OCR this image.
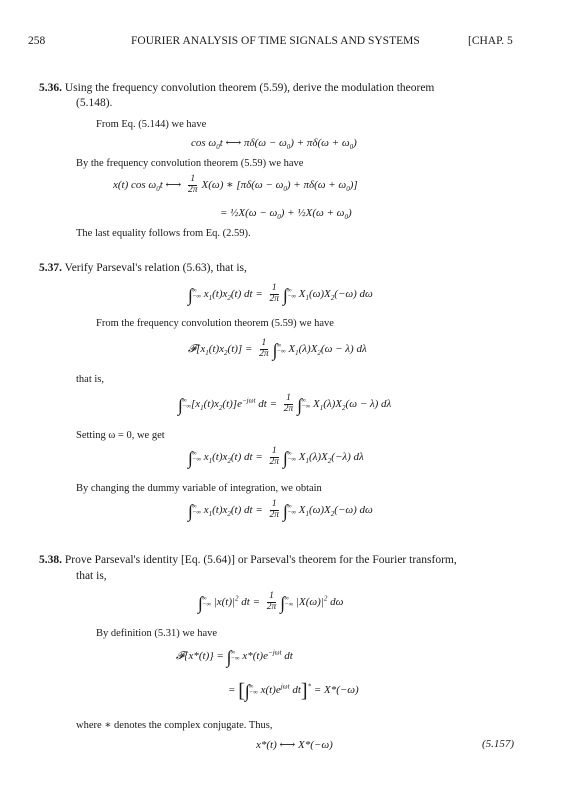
258	FOURIER ANALYSIS OF TIME SIGNALS AND SYSTEMS	[CHAP. 5
5.36. Using the frequency convolution theorem (5.59), derive the modulation theorem
(5.148).
From Eq. (5.144) we have
$\cos \omega_0t$ ⟷ $\pi\delta(\omega - \omega_0) + \pi\delta(\omega + \omega_0)$
By the frequency convolution theorem (5.59) we have
x(t) $\cos \omega_0t$ ⟷ $\frac{1}{2\pi} X(\omega)$ ∗ $[\pi\delta(\omega - \omega_0) + \pi\delta(\omega + \omega_0)]$
= ½X(ω − $\omega_0$) + ½X(ω + $\omega_0$)
The last equality follows from Eq. (2.59).
5.37. Verify Parseval's relation (5.63), that is,
∫ ∞
−∞ $x_1(t)x_2(t)$ dt = $\frac{1}{2\pi}$ ∫ ∞
−∞ $X_1(\omega)X_2(-\omega)$ dω
From the frequency convolution theorem (5.59) we have
$𝓕[x_1(t)x_2(t)] = \frac{1}{2\pi}$ ∫ ∞
−∞ $X_1(\lambda)X_2(\omega - \lambda)$ dλ
that is,
∫ ∞
−∞ $[x_1(t)x_2(t)]e^{-j\omega t}$ dt = $\frac{1}{2\pi}$ ∫ ∞
−∞ $X_1(\lambda)X_2(\omega - \lambda)$ dλ
Setting ω = 0, we get
∫ ∞
−∞ $x_1(t)x_2(t)$ dt = $\frac{1}{2\pi}$ ∫ ∞
−∞ $X_1(\lambda)X_2(-\lambda)$ dλ
By changing the dummy variable of integration, we obtain
∫ ∞
−∞ $x_1(t)x_2(t)$ dt = $\frac{1}{2\pi}$ ∫ ∞
−∞ $X_1(\omega)X_2(-\omega)$ dω
5.38. Prove Parseval's identity [Eq. (5.64)] or Parseval's theorem for the Fourier transform,
that is,
∫ ∞
−∞ $|x(t)|^2$ dt = $\frac{1}{2\pi}$ ∫ ∞
−∞ $|X(\omega)|^2$ dω
By definition (5.31) we have
𝓕{x*(t)} = ∫ ∞
−∞ $x*(t)e^{-j\omega t}$ dt
= [∫ ∞
−∞ $x(t)e^{j\omega t}$ dt]* = X*(−ω)
where ∗ denotes the complex conjugate. Thus,
x*(t) ⟷ X*(−ω)	(5.157)
